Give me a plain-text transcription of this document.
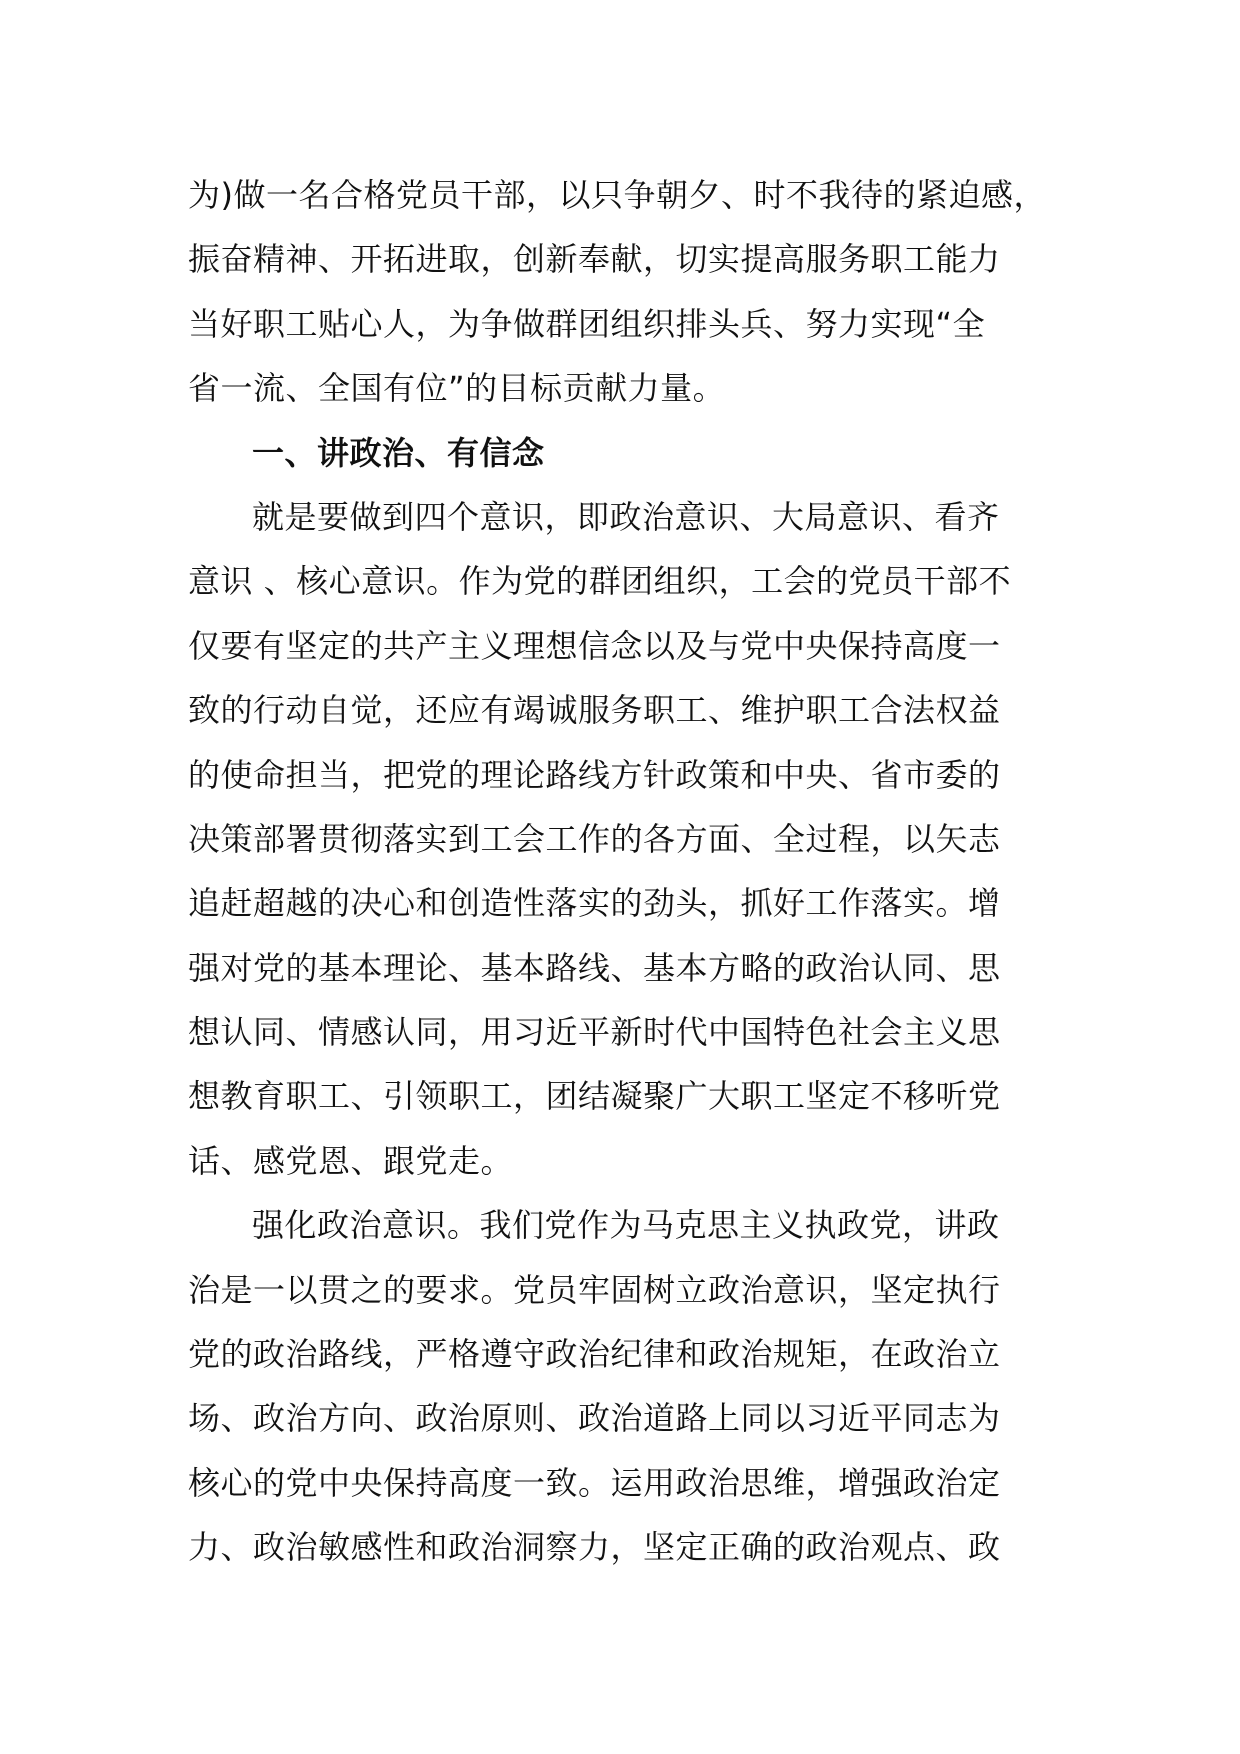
为)做一名合格党员干部，以只争朝夕、时不我待的紧迫感，
振奋精神、开拓进取，创新奉献，切实提高服务职工能力
当好职工贴心人，为争做群团组织排头兵、努力实现“全
省一流、全国有位”的目标贡献力量。
一、讲政治、有信念
就是要做到四个意识，即政治意识、大局意识、看齐
意识 、核心意识。作为党的群团组织，工会的党员干部不
仅要有坚定的共产主义理想信念以及与党中央保持高度一
致的行动自觉，还应有竭诚服务职工、维护职工合法权益
的使命担当，把党的理论路线方针政策和中央、省市委的
决策部署贯彻落实到工会工作的各方面、全过程，以矢志
追赶超越的决心和创造性落实的劲头，抓好工作落实。增
强对党的基本理论、基本路线、基本方略的政治认同、思
想认同、情感认同，用习近平新时代中国特色社会主义思
想教育职工、引领职工，团结凝聚广大职工坚定不移听党
话、感党恩、跟党走。
强化政治意识。我们党作为马克思主义执政党，讲政
治是一以贯之的要求。党员牢固树立政治意识，坚定执行
党的政治路线，严格遵守政治纪律和政治规矩，在政治立
场、政治方向、政治原则、政治道路上同以习近平同志为
核心的党中央保持高度一致。运用政治思维，增强政治定
力、政治敏感性和政治洞察力，坚定正确的政治观点、政
